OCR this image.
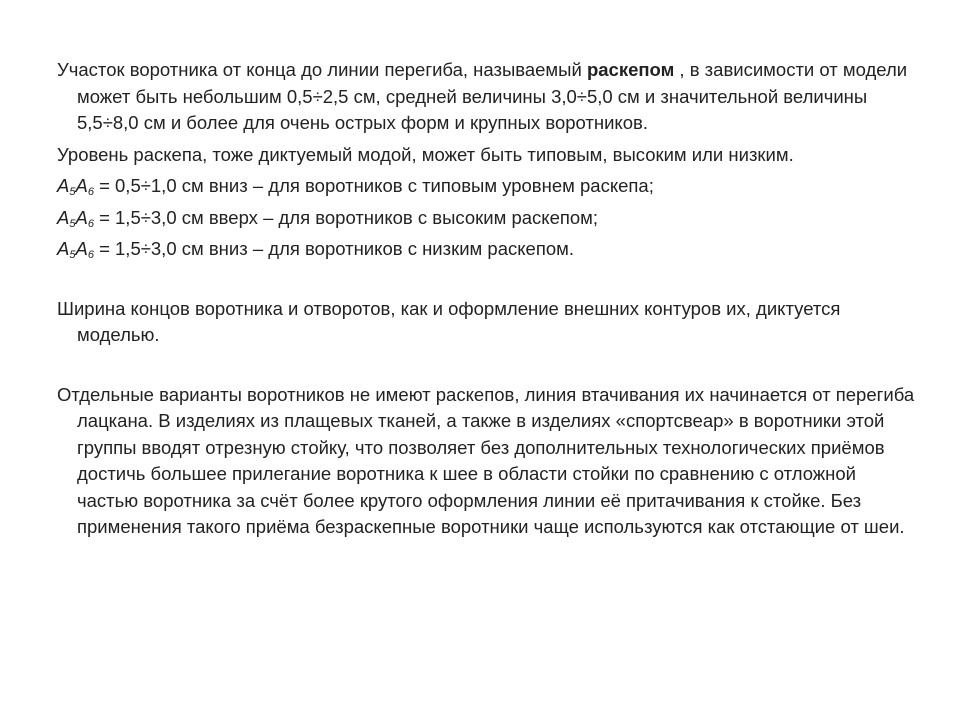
Участок воротника от конца до линии перегиба, называемый раскепом , в зависимости от модели может быть небольшим 0,5÷2,5 см, средней величины 3,0÷5,0 см и значительной величины 5,5÷8,0 см и более для очень острых форм и крупных воротников.

Уровень раскепа, тоже диктуемый модой, может быть типовым, высоким или низким.

$A_5A_6 = 0,5\div 1,0$ см вниз – для воротников с типовым уровнем раскепа;

$A_5A_6 = 1,5\div 3,0$ см вверх – для воротников с высоким раскепом;

$A_5A_6 = 1,5\div 3,0$ см вниз – для воротников с низким раскепом.

Ширина концов воротника и отворотов, как и оформление внешних контуров их, диктуется моделью.

Отдельные варианты воротников не имеют раскепов, линия втачивания их начинается от перегиба лацкана. В изделиях из плащевых тканей, а также в изделиях «спортсвеар» в воротники этой группы вводят отрезную стойку, что позволяет без дополнительных технологических приёмов достичь большее прилегание воротника к шее в области стойки по сравнению с отложной частью воротника за счёт более крутого оформления линии её притачивания к стойке. Без применения такого приёма безраскепные воротники чаще используются как отстающие от шеи.
